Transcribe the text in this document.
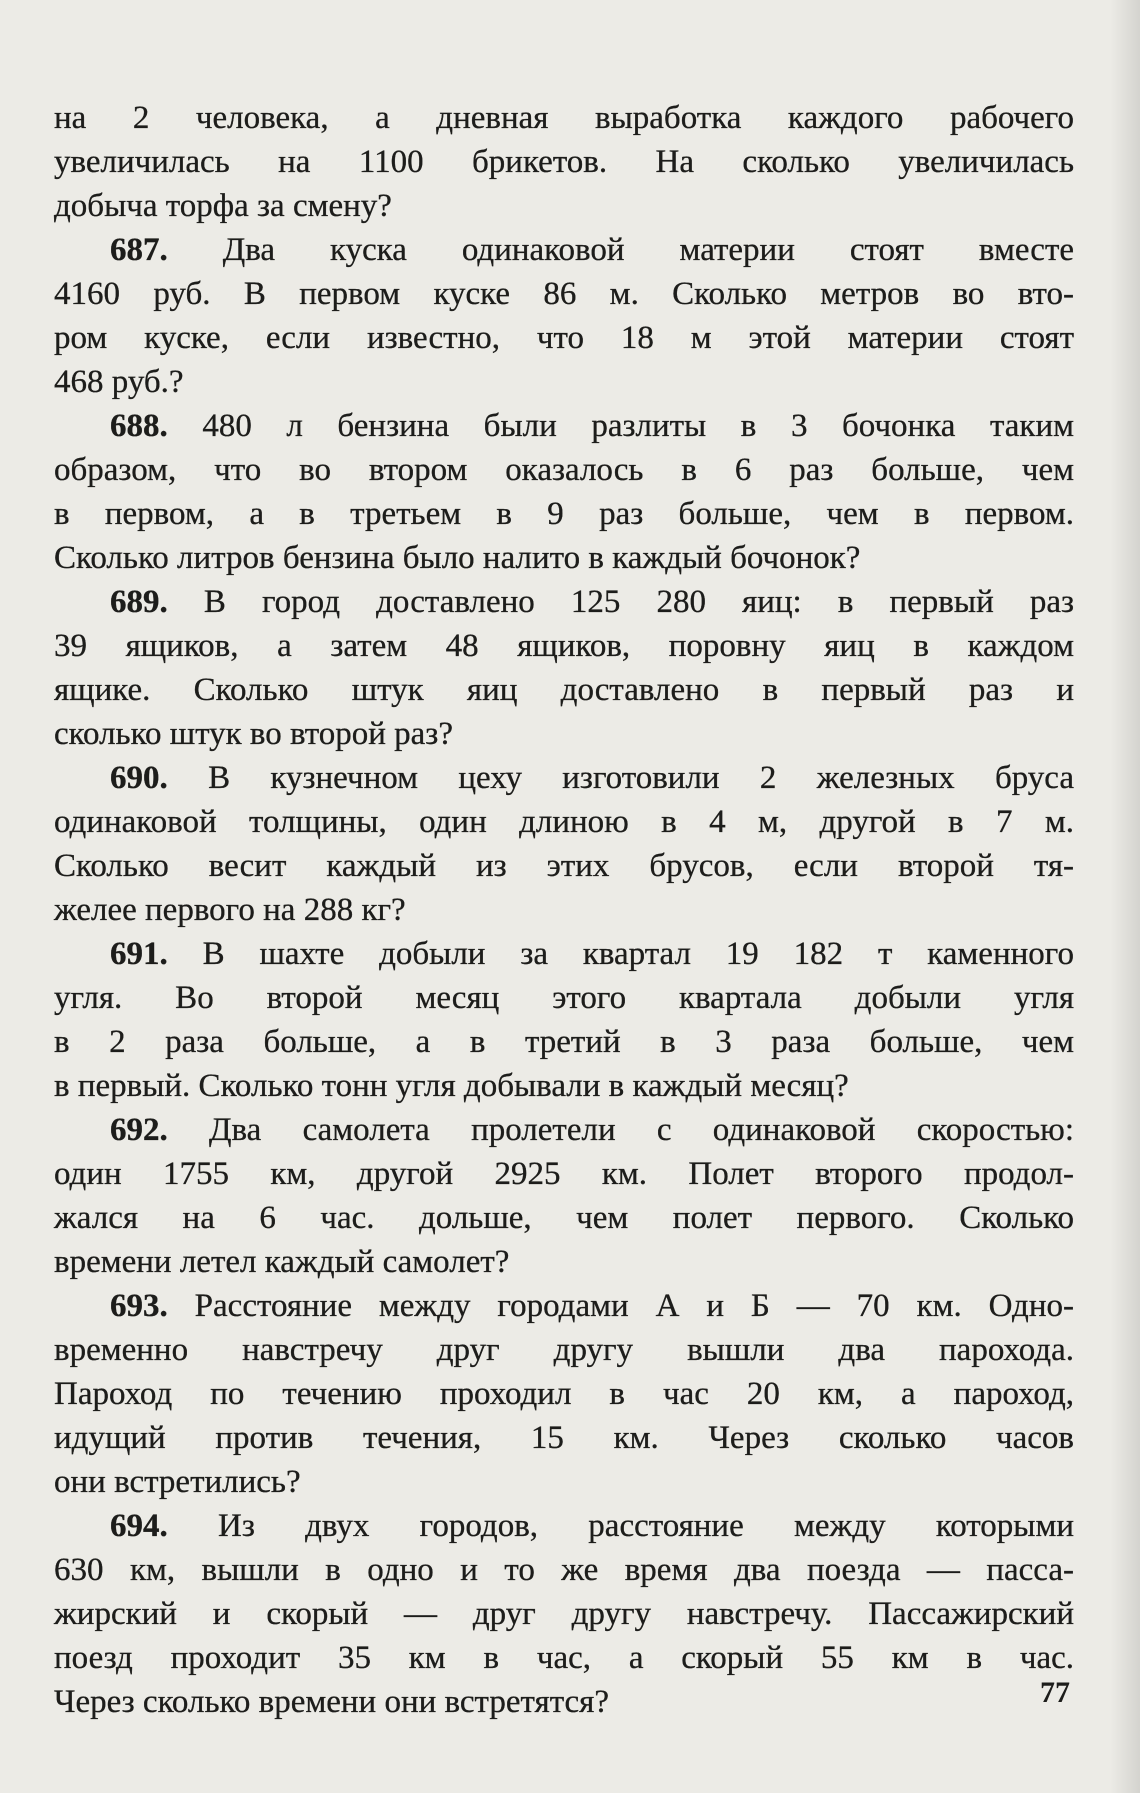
на 2 человека, а дневная выработка каждого рабочего
увеличилась на 1100 брикетов. На сколько увеличилась
добыча торфа за смену?
687. Два куска одинаковой материи стоят вместе
4160 руб. В первом куске 86 м. Сколько метров во вто-
ром куске, если известно, что 18 м этой материи стоят
468 руб.?
688. 480 л бензина были разлиты в 3 бочонка таким
образом, что во втором оказалось в 6 раз больше, чем
в первом, а в третьем в 9 раз больше, чем в первом.
Сколько литров бензина было налито в каждый бочонок?
689. В город доставлено 125 280 яиц: в первый раз
39 ящиков, а затем 48 ящиков, поровну яиц в каждом
ящике. Сколько штук яиц доставлено в первый раз и
сколько штук во второй раз?
690. В кузнечном цеху изготовили 2 железных бруса
одинаковой толщины, один длиною в 4 м, другой в 7 м.
Сколько весит каждый из этих брусов, если второй тя-
желее первого на 288 кг?
691. В шахте добыли за квартал 19 182 т каменного
угля. Во второй месяц этого квартала добыли угля
в 2 раза больше, а в третий в 3 раза больше, чем
в первый. Сколько тонн угля добывали в каждый месяц?
692. Два самолета пролетели с одинаковой скоростью:
один 1755 км, другой 2925 км. Полет второго продол-
жался на 6 час. дольше, чем полет первого. Сколько
времени летел каждый самолет?
693. Расстояние между городами А и Б — 70 км. Одно-
временно навстречу друг другу вышли два парохода.
Пароход по течению проходил в час 20 км, а пароход,
идущий против течения, 15 км. Через сколько часов
они встретились?
694. Из двух городов, расстояние между которыми
630 км, вышли в одно и то же время два поезда — пасса-
жирский и скорый — друг другу навстречу. Пассажирский
поезд проходит 35 км в час, а скорый 55 км в час.
Через сколько времени они встретятся?	77
